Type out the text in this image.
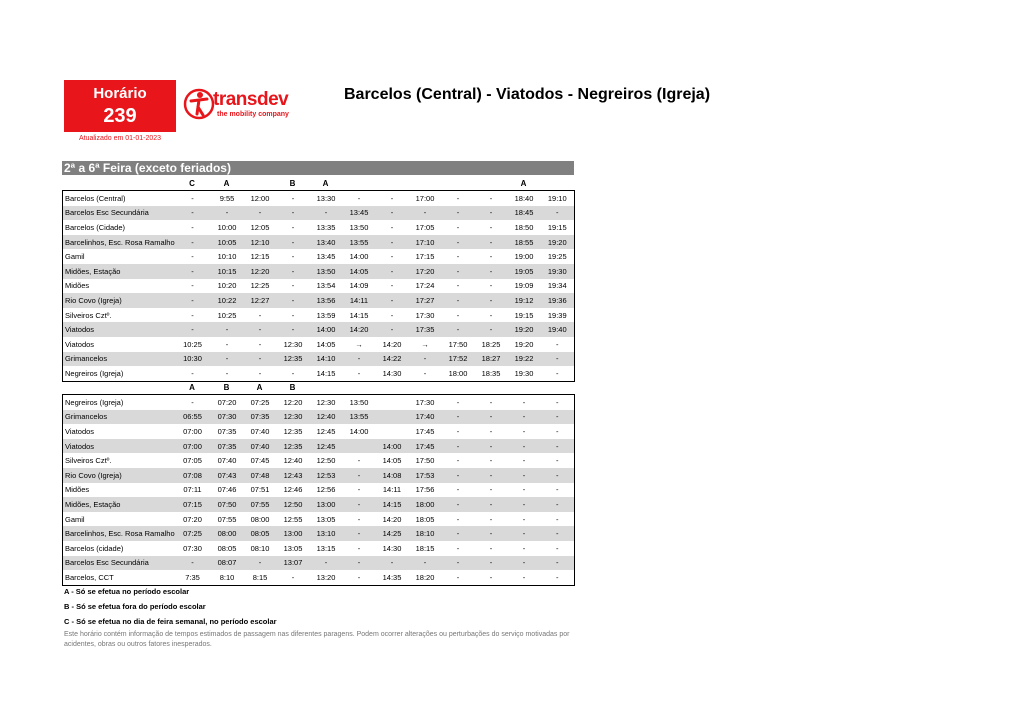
Horário
239
Atualizado em 01-01-2023
transdev
the mobility company
Barcelos (Central) - Viatodos - Negreiros (Igreja)
2ª a 6ª Feira (exceto feriados)
	C	A		B	A						A	
Barcelos (Central)	-	9:55	12:00	-	13:30	-	-	17:00	-	-	18:40	19:10
Barcelos Esc Secundária	-	-	-	-	-	13:45	-	-	-	-	18:45	-
Barcelos (Cidade)	-	10:00	12:05	-	13:35	13:50	-	17:05	-	-	18:50	19:15
Barcelinhos, Esc. Rosa Ramalho	-	10:05	12:10	-	13:40	13:55	-	17:10	-	-	18:55	19:20
Gamil	-	10:10	12:15	-	13:45	14:00	-	17:15	-	-	19:00	19:25
Midões, Estação	-	10:15	12:20	-	13:50	14:05	-	17:20	-	-	19:05	19:30
Midões	-	10:20	12:25	-	13:54	14:09	-	17:24	-	-	19:09	19:34
Rio Covo (Igreja)	-	10:22	12:27	-	13:56	14:11	-	17:27	-	-	19:12	19:36
Silveiros Cztº.	-	10:25	-	-	13:59	14:15	-	17:30	-	-	19:15	19:39
Viatodos	-	-	-	-	14:00	14:20	-	17:35	-	-	19:20	19:40
Viatodos	10:25	-	-	12:30	14:05	→	14:20	→	17:50	18:25	19:20	-
Grimancelos	10:30	-	-	12:35	14:10	-	14:22	-	17:52	18:27	19:22	-
Negreiros (Igreja)	-	-	-	-	14:15	-	14:30	-	18:00	18:35	19:30	-
	A	B	A	B								
Negreiros (Igreja)	-	07:20	07:25	12:20	12:30	13:50		17:30	-	-	-	-
Grimancelos	06:55	07:30	07:35	12:30	12:40	13:55		17:40	-	-	-	-
Viatodos	07:00	07:35	07:40	12:35	12:45	14:00		17:45	-	-	-	-
Viatodos	07:00	07:35	07:40	12:35	12:45		14:00	17:45	-	-	-	-
Silveiros Cztº.	07:05	07:40	07:45	12:40	12:50	-	14:05	17:50	-	-	-	-
Rio Covo (Igreja)	07:08	07:43	07:48	12:43	12:53	-	14:08	17:53	-	-	-	-
Midões	07:11	07:46	07:51	12:46	12:56	-	14:11	17:56	-	-	-	-
Midões, Estação	07:15	07:50	07:55	12:50	13:00	-	14:15	18:00	-	-	-	-
Gamil	07:20	07:55	08:00	12:55	13:05	-	14:20	18:05	-	-	-	-
Barcelinhos, Esc. Rosa Ramalho	07:25	08:00	08:05	13:00	13:10	-	14:25	18:10	-	-	-	-
Barcelos (cidade)	07:30	08:05	08:10	13:05	13:15	-	14:30	18:15	-	-	-	-
Barcelos Esc Secundária	-	08:07	-	13:07	-	-	-	-	-	-	-	-
Barcelos, CCT	7:35	8:10	8:15	-	13:20	-	14:35	18:20	-	-	-	-
A - Só se efetua no período escolar
B - Só se efetua fora do período escolar
C - Só se efetua no dia de feira semanal, no período escolar
Este horário contém informação de tempos estimados de passagem nas diferentes paragens. Podem ocorrer alterações ou perturbações do serviço motivadas por acidentes, obras ou outros fatores inesperados.
